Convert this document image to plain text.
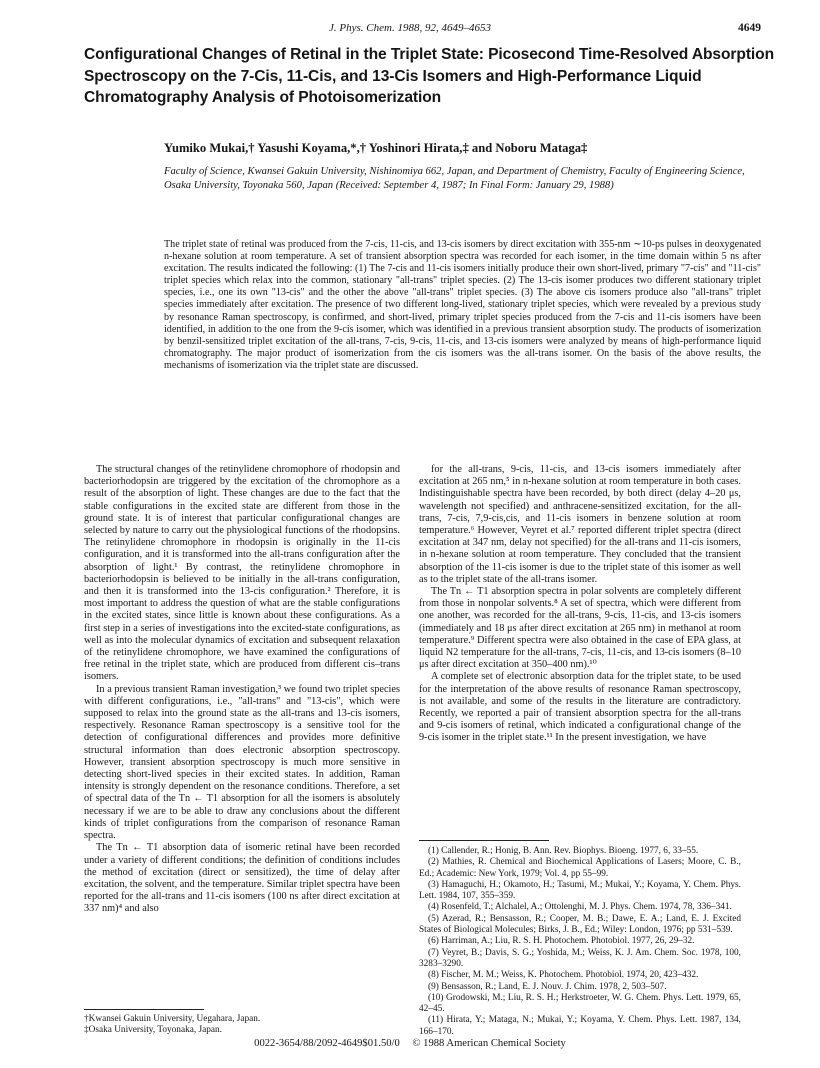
J. Phys. Chem. 1988, 92, 4649–4653	4649
Configurational Changes of Retinal in the Triplet State: Picosecond Time-Resolved Absorption Spectroscopy on the 7-Cis, 11-Cis, and 13-Cis Isomers and High-Performance Liquid Chromatography Analysis of Photoisomerization
Yumiko Mukai,† Yasushi Koyama,*,† Yoshinori Hirata,‡ and Noboru Mataga‡
Faculty of Science, Kwansei Gakuin University, Nishinomiya 662, Japan, and Department of Chemistry, Faculty of Engineering Science, Osaka University, Toyonaka 560, Japan (Received: September 4, 1987; In Final Form: January 29, 1988)
The triplet state of retinal was produced from the 7-cis, 11-cis, and 13-cis isomers by direct excitation with 355-nm ∼10-ps pulses in deoxygenated n-hexane solution at room temperature. A set of transient absorption spectra was recorded for each isomer, in the time domain within 5 ns after excitation. The results indicated the following: (1) The 7-cis and 11-cis isomers initially produce their own short-lived, primary "7-cis" and "11-cis" triplet species which relax into the common, stationary "all-trans" triplet species. (2) The 13-cis isomer produces two different stationary triplet species, i.e., one its own "13-cis" and the other the above "all-trans" triplet species. (3) The above cis isomers produce also "all-trans" triplet species immediately after excitation. The presence of two different long-lived, stationary triplet species, which were revealed by a previous study by resonance Raman spectroscopy, is confirmed, and short-lived, primary triplet species produced from the 7-cis and 11-cis isomers have been identified, in addition to the one from the 9-cis isomer, which was identified in a previous transient absorption study. The products of isomerization by benzil-sensitized triplet excitation of the all-trans, 7-cis, 9-cis, 11-cis, and 13-cis isomers were analyzed by means of high-performance liquid chromatography. The major product of isomerization from the cis isomers was the all-trans isomer. On the basis of the above results, the mechanisms of isomerization via the triplet state are discussed.

The structural changes of the retinylidene chromophore of rhodopsin and bacteriorhodopsin are triggered by the excitation of the chromophore as a result of the absorption of light. These changes are due to the fact that the stable configurations in the excited state are different from those in the ground state. It is of interest that particular configurational changes are selected by nature to carry out the physiological functions of the rhodopsins. The retinylidene chromophore in rhodopsin is originally in the 11-cis configuration, and it is transformed into the all-trans configuration after the absorption of light.¹ By contrast, the retinylidene chromophore in bacteriorhodopsin is believed to be initially in the all-trans configuration, and then it is transformed into the 13-cis configuration.² Therefore, it is most important to address the question of what are the stable configurations in the excited states, since little is known about these configurations. As a first step in a series of investigations into the excited-state configurations, as well as into the molecular dynamics of excitation and subsequent relaxation of the retinylidene chromophore, we have examined the configurations of free retinal in the triplet state, which are produced from different cis–trans isomers.

In a previous transient Raman investigation,³ we found two triplet species with different configurations, i.e., "all-trans" and "13-cis", which were supposed to relax into the ground state as the all-trans and 13-cis isomers, respectively. Resonance Raman spectroscopy is a sensitive tool for the detection of configurational differences and provides more definitive structural information than does electronic absorption spectroscopy. However, transient absorption spectroscopy is much more sensitive in detecting short-lived species in their excited states. In addition, Raman intensity is strongly dependent on the resonance conditions. Therefore, a set of spectral data of the Tn ← T1 absorption for all the isomers is absolutely necessary if we are to be able to draw any conclusions about the different kinds of triplet configurations from the comparison of resonance Raman spectra.

The Tn ← T1 absorption data of isomeric retinal have been recorded under a variety of different conditions; the definition of conditions includes the method of excitation (direct or sensitized), the time of delay after excitation, the solvent, and the temperature. Similar triplet spectra have been reported for the all-trans and 11-cis isomers (100 ns after direct excitation at 337 nm)⁴ and also

for the all-trans, 9-cis, 11-cis, and 13-cis isomers immediately after excitation at 265 nm,⁵ in n-hexane solution at room temperature in both cases. Indistinguishable spectra have been recorded, by both direct (delay 4–20 μs, wavelength not specified) and anthracene-sensitized excitation, for the all-trans, 7-cis, 7,9-cis,cis, and 11-cis isomers in benzene solution at room temperature.⁶ However, Veyret et al.⁷ reported different triplet spectra (direct excitation at 347 nm, delay not specified) for the all-trans and 11-cis isomers, in n-hexane solution at room temperature. They concluded that the transient absorption of the 11-cis isomer is due to the triplet state of this isomer as well as to the triplet state of the all-trans isomer.

The Tn ← T1 absorption spectra in polar solvents are completely different from those in nonpolar solvents.⁸ A set of spectra, which were different from one another, was recorded for the all-trans, 9-cis, 11-cis, and 13-cis isomers (immediately and 18 μs after direct excitation at 265 nm) in methanol at room temperature.⁹ Different spectra were also obtained in the case of EPA glass, at liquid N2 temperature for the all-trans, 7-cis, 11-cis, and 13-cis isomers (8–10 μs after direct excitation at 350–400 nm).¹⁰

A complete set of electronic absorption data for the triplet state, to be used for the interpretation of the above results of resonance Raman spectroscopy, is not available, and some of the results in the literature are contradictory. Recently, we reported a pair of transient absorption spectra for the all-trans and 9-cis isomers of retinal, which indicated a configurational change of the 9-cis isomer in the triplet state.¹¹ In the present investigation, we have

(1) Callender, R.; Honig, B. Ann. Rev. Biophys. Bioeng. 1977, 6, 33–55.
(2) Mathies, R. Chemical and Biochemical Applications of Lasers; Moore, C. B., Ed.; Academic: New York, 1979; Vol. 4, pp 55–99.
(3) Hamaguchi, H.; Okamoto, H.; Tasumi, M.; Mukai, Y.; Koyama, Y. Chem. Phys. Lett. 1984, 107, 355–359.
(4) Rosenfeld, T.; Alchalel, A.; Ottolenghi, M. J. Phys. Chem. 1974, 78, 336–341.
(5) Azerad, R.; Bensasson, R.; Cooper, M. B.; Dawe, E. A.; Land, E. J. Excited States of Biological Molecules; Birks, J. B., Ed.; Wiley: London, 1976; pp 531–539.
(6) Harriman, A.; Liu, R. S. H. Photochem. Photobiol. 1977, 26, 29–32.
(7) Veyret, B.; Davis, S. G.; Yoshida, M.; Weiss, K. J. Am. Chem. Soc. 1978, 100, 3283–3290.
(8) Fischer, M. M.; Weiss, K. Photochem. Photobiol. 1974, 20, 423–432.
(9) Bensasson, R.; Land, E. J. Nouv. J. Chim. 1978, 2, 503–507.
(10) Grodowski, M.; Liu, R. S. H.; Herkstroeter, W. G. Chem. Phys. Lett. 1979, 65, 42–45.
(11) Hirata, Y.; Mataga, N.; Mukai, Y.; Koyama, Y. Chem. Phys. Lett. 1987, 134, 166–170.
†Kwansei Gakuin University, Uegahara, Japan.
‡Osaka University, Toyonaka, Japan.
0022-3654/88/2092-4649$01.50/0 © 1988 American Chemical Society
